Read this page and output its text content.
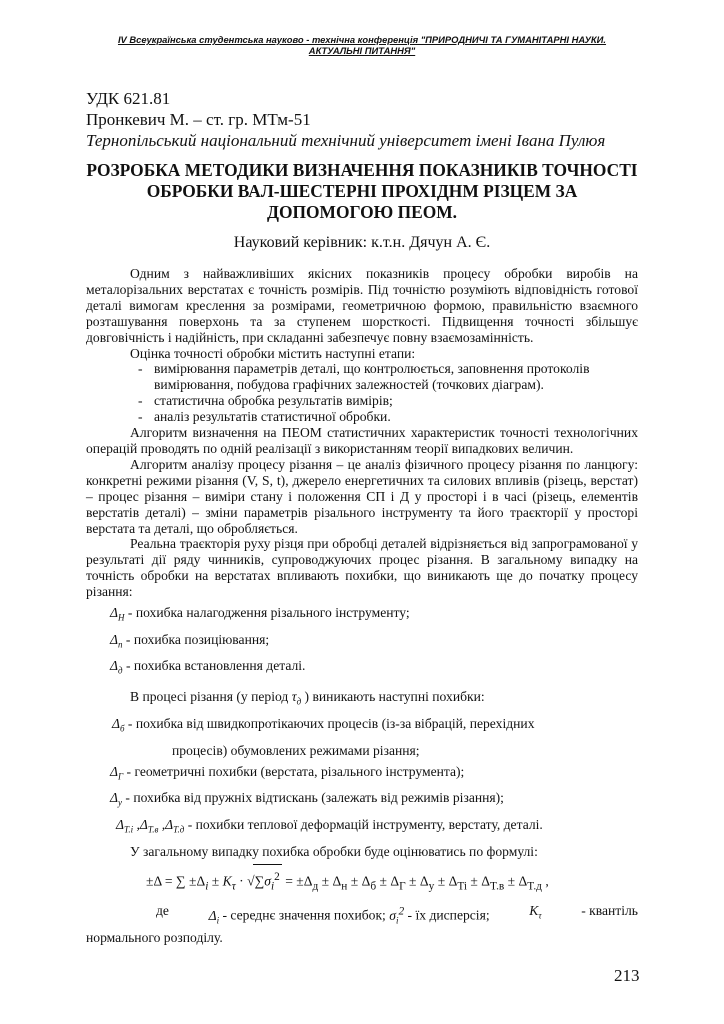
IV Всеукраїнська студентська науково - технічна конференція "ПРИРОДНИЧІ ТА ГУМАНІТАРНІ НАУКИ.
АКТУАЛЬНІ ПИТАННЯ"
УДК 621.81
Пронкевич М. – ст. гр. МТм-51
Тернопільський національний технічний університет імені Івана Пулюя
РОЗРОБКА МЕТОДИКИ ВИЗНАЧЕННЯ ПОКАЗНИКІВ ТОЧНОСТІ
ОБРОБКИ ВАЛ-ШЕСТЕРНІ ПРОХІДНМ РІЗЦЕМ ЗА
ДОПОМОГОЮ ПЕОМ.
Науковий керівник: к.т.н. Дячун А. Є.

Одним з найважливіших якісних показників процесу обробки виробів на металорізальних верстатах є точність розмірів. Під точністю розуміють відповідність готової деталі вимогам креслення за розмірами, геометричною формою, правильністю взаємного розташування поверхонь та за ступенем шорсткості. Підвищення точності збільшує довговічність і надійність, при складанні забезпечує повну взаємозамінність.

Оцінка точності обробки містить наступні етапи:

- вимірювання параметрів деталі, що контролюється, заповнення протоколів вимірювання, побудова графічних залежностей (точкових діаграм).
- статистична обробка результатів вимірів;
- аналіз результатів статистичної обробки.

Алгоритм визначення на ПЕОМ статистичних характеристик точності технологічних операцій проводять по одній реалізації з використанням теорії випадкових величин.

Алгоритм аналізу процесу різання – це аналіз фізичного процесу різання по ланцюгу: конкретні режими різання (V, S, t), джерело енергетичних та силових впливів (різець, верстат) – процес різання – виміри стану і положення СП і Д у просторі і в часі (різець, елементів верстатів деталі) – зміни параметрів різального інструменту та його траєкторії у просторі верстата та деталі, що обробляється.

Реальна траєкторія руху різця при обробці деталей відрізняється від запрограмованої у результаті дії ряду чинників, супроводжуючих процес різання. В загальному випадку на точність обробки на верстатах впливають похибки, що виникають ще до початку процесу різання:

$\Delta_H$ - похибка налагодження різального інструменту;
$\Delta_п$ - похибка позиціювання;
$\Delta_д$ - похибка встановлення деталі.
В процесі різання (у період $\tau_д$ ) виникають наступні похибки:
$\Delta_б$ - похибка від швидкопротікаючих процесів (із-за вібрацій, перехідних
процесів) обумовлених режимами різання;
$\Delta_Г$ - геометричні похибки (верстата, різального інструмента);
$\Delta_у$ - похибка від пружніх відтискань (залежать від режимів різання);
$\Delta_{T.i}$ $,\Delta_{T.в}$ $,\Delta_{T.д}$ - похибки теплової деформацій інструменту, верстату, деталі.
У загальному випадку похибка обробки буде оцінюватись по формулі:
±Δ = ∑ $\pm\Delta_i \pm K_\tau \cdot √\sum\sigma_i^2 = \pm\Delta_д \pm \Delta_н \pm \Delta_б \pm \Delta_Г \pm \Delta_у \pm \Delta_{Ti} \pm \Delta_{T.в} \pm \Delta_{T.д}$ ,
де	$\Delta_i$ - середнє значення похибок; $\sigma_i^2$ - їх дисперсія;	$K_\tau$	- квантіль
нормального розподілу.
213
